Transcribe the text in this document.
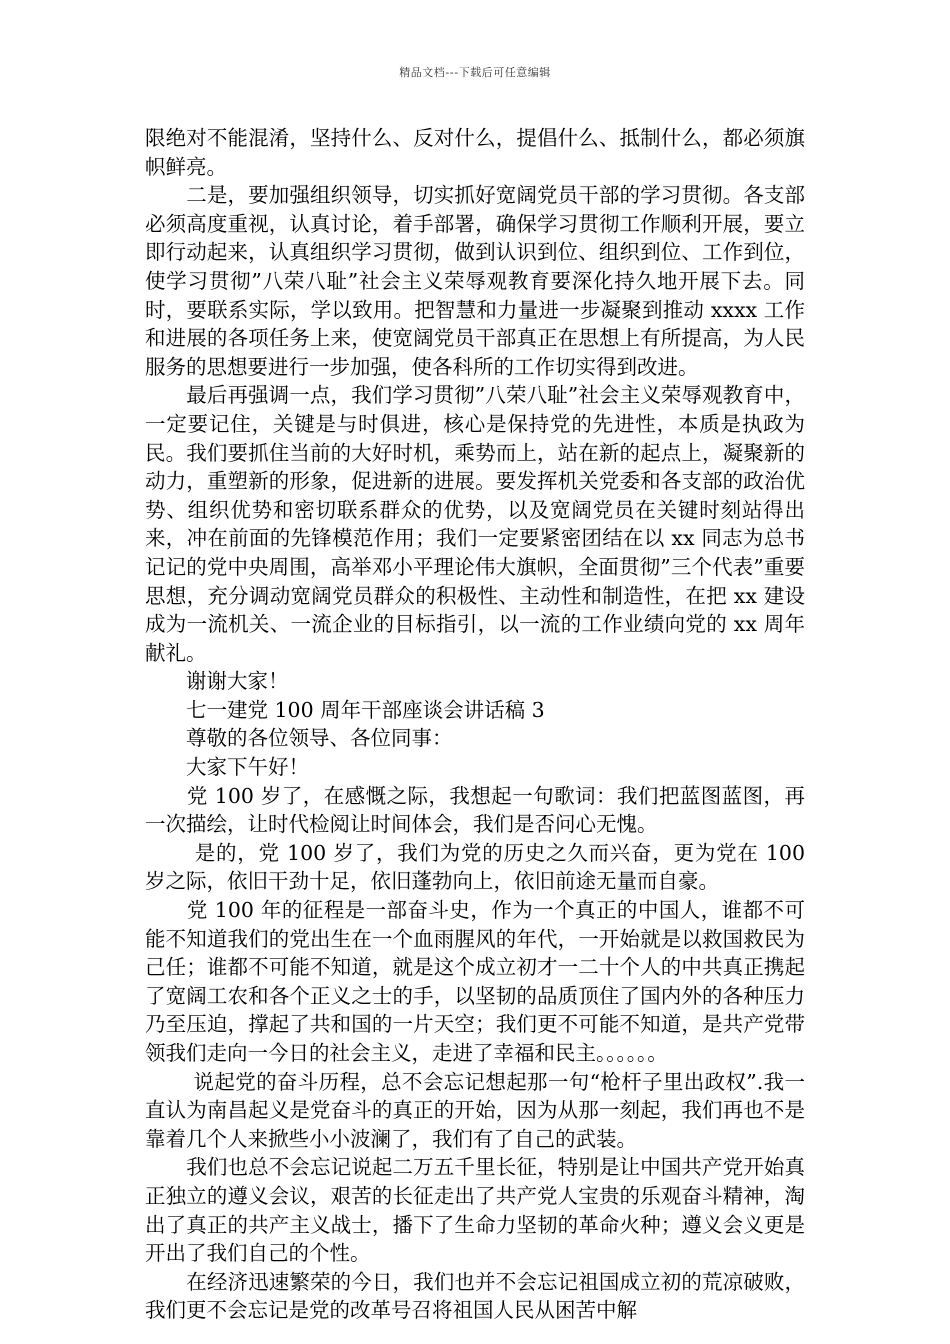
精品文档---下载后可任意编辑

限绝对不能混淆，坚持什么、反对什么，提倡什么、抵制什么，都必须旗帜鲜亮。

　　二是，要加强组织领导，切实抓好宽阔党员干部的学习贯彻。各支部必须高度重视，认真讨论，着手部署，确保学习贯彻工作顺利开展，要立即行动起来，认真组织学习贯彻，做到认识到位、组织到位、工作到位，使学习贯彻”八荣八耻”社会主义荣辱观教育要深化持久地开展下去。同时，要联系实际，学以致用。把智慧和力量进一步凝聚到推动 xxxx 工作和进展的各项任务上来，使宽阔党员干部真正在思想上有所提高，为人民服务的思想要进行一步加强，使各科所的工作切实得到改进。

　　最后再强调一点，我们学习贯彻”八荣八耻”社会主义荣辱观教育中，一定要记住，关键是与时俱进，核心是保持党的先进性，本质是执政为民。我们要抓住当前的大好时机，乘势而上，站在新的起点上，凝聚新的动力，重塑新的形象，促进新的进展。要发挥机关党委和各支部的政治优势、组织优势和密切联系群众的优势，以及宽阔党员在关键时刻站得出来，冲在前面的先锋模范作用；我们一定要紧密团结在以 xx 同志为总书记记的党中央周围，高举邓小平理论伟大旗帜，全面贯彻”三个代表”重要思想，充分调动宽阔党员群众的积极性、主动性和制造性，在把 xx 建设成为一流机关、一流企业的目标指引，以一流的工作业绩向党的 xx 周年献礼。

　　谢谢大家！

　　七一建党 100 周年干部座谈会讲话稿 3

　　尊敬的各位领导、各位同事：

　　大家下午好！

　　党 100 岁了，在感慨之际，我想起一句歌词：我们把蓝图蓝图，再一次描绘，让时代检阅让时间体会，我们是否问心无愧。

　　 是的，党 100 岁了，我们为党的历史之久而兴奋，更为党在 100 岁之际，依旧干劲十足，依旧蓬勃向上，依旧前途无量而自豪。

　　党 100 年的征程是一部奋斗史，作为一个真正的中国人，谁都不可能不知道我们的党出生在一个血雨腥风的年代，一开始就是以救国救民为己任；谁都不可能不知道，就是这个成立初才一二十个人的中共真正携起了宽阔工农和各个正义之士的手，以坚韧的品质顶住了国内外的各种压力乃至压迫，撑起了共和国的一片天空；我们更不可能不知道，是共产党带领我们走向一今日的社会主义，走进了幸福和民主。。。。。。

　　 说起党的奋斗历程，总不会忘记想起那一句“枪杆子里出政权”.我一直认为南昌起义是党奋斗的真正的开始，因为从那一刻起，我们再也不是靠着几个人来掀些小小波澜了，我们有了自己的武装。

　　我们也总不会忘记说起二万五千里长征，特别是让中国共产党开始真正独立的遵义会议，艰苦的长征走出了共产党人宝贵的乐观奋斗精神，淘出了真正的共产主义战士，播下了生命力坚韧的革命火种；遵义会义更是开出了我们自己的个性。

　　在经济迅速繁荣的今日，我们也并不会忘记祖国成立初的荒凉破败，我们更不会忘记是党的改革号召将祖国人民从困苦中解
